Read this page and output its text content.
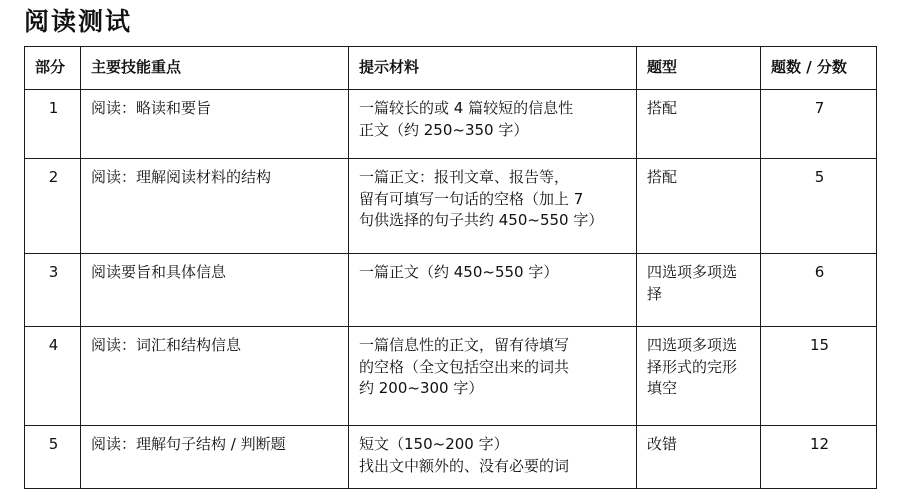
阅读测试
部分	主要技能重点	提示材料	题型	题数 / 分数
1	阅读：略读和要旨	一篇较长的或 4 篇较短的信息性
正文（约 250~350 字）	搭配	7
2	阅读：理解阅读材料的结构	一篇正文：报刊文章、报告等，
留有可填写一句话的空格（加上 7
句供选择的句子共约 450~550 字）	搭配	5
3	阅读要旨和具体信息	一篇正文（约 450~550 字）	四选项多项选
择	6
4	阅读：词汇和结构信息	一篇信息性的正文，留有待填写
的空格（全文包括空出来的词共
约 200~300 字）	四选项多项选
择形式的完形
填空	15
5	阅读：理解句子结构 / 判断题	短文（150~200 字）
找出文中额外的、没有必要的词	改错	12
